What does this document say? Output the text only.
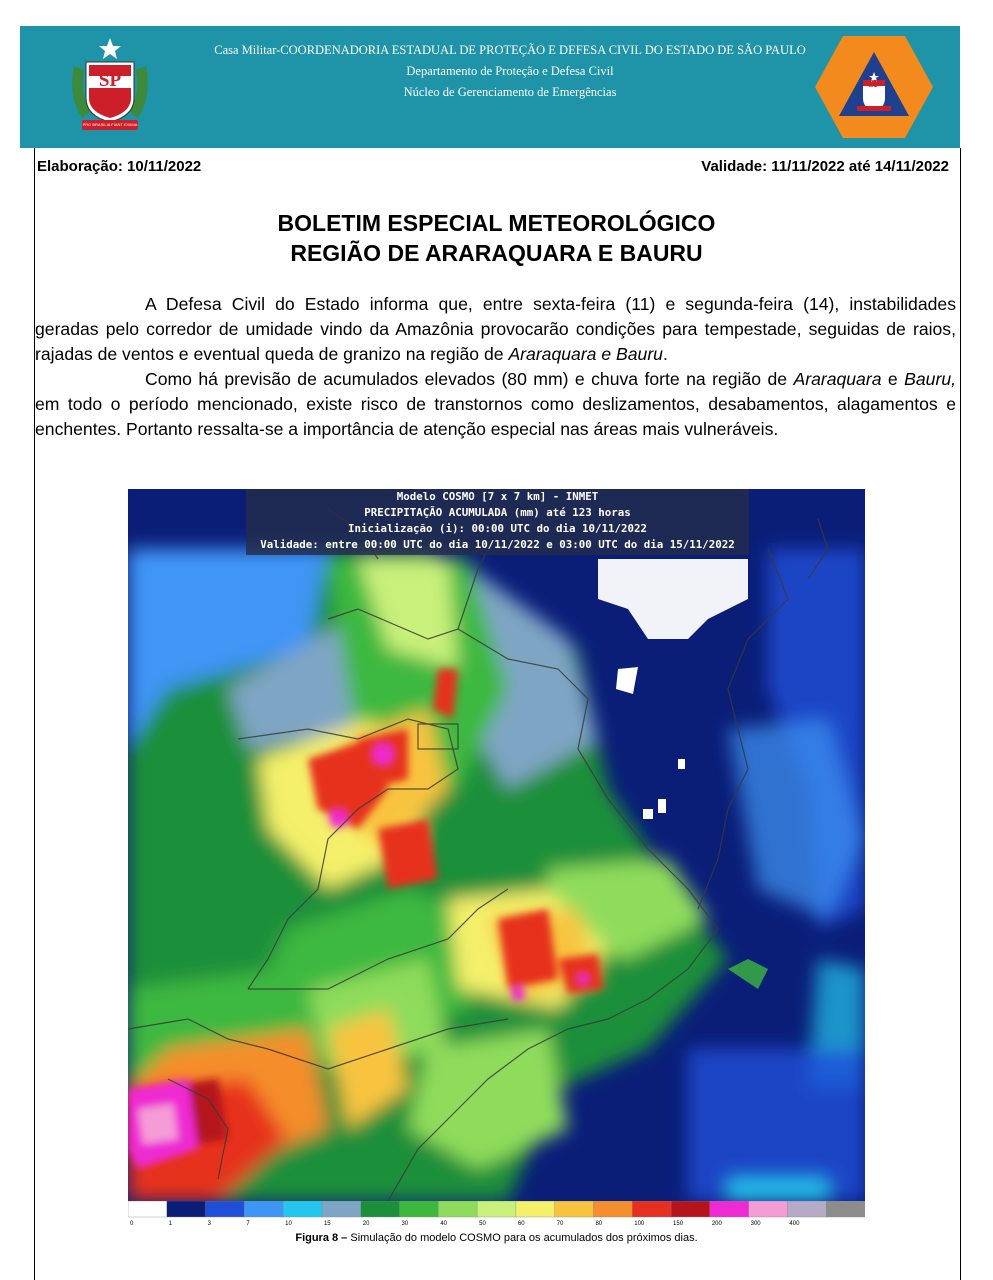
SP
PRO BRASILIA FIANT EXIMIA
Casa Militar-COORDENADORIA ESTADUAL DE PROTEÇÃO E DEFESA CIVIL DO ESTADO DE SÃO PAULO
Departamento de Proteção e Defesa Civil
Núcleo de Gerenciamento de Emergências
SP
Elaboração: 10/11/2022	Validade: 11/11/2022 até 14/11/2022
BOLETIM ESPECIAL METEOROLÓGICO
REGIÃO DE ARARAQUARA E BAURU

A Defesa Civil do Estado informa que, entre sexta-feira (11) e segunda-feira (14), instabilidades geradas pelo corredor de umidade vindo da Amazônia provocarão condições para tempestade, seguidas de raios, rajadas de ventos e eventual queda de granizo na região de Araraquara e Bauru.

Como há previsão de acumulados elevados (80 mm) e chuva forte na região de Araraquara e Bauru, em todo o período mencionado, existe risco de transtornos como deslizamentos, desabamentos, alagamentos e enchentes. Portanto ressalta-se a importância de atenção especial nas áreas mais vulneráveis.

Modelo COSMO [7 x 7 km] - INMET
PRECIPITAÇÃO ACUMULADA (mm) até 123 horas
Inicialização (i): 00:00 UTC do dia 10/11/2022
Validade: entre 00:00 UTC do dia 10/11/2022 e 03:00 UTC do dia 15/11/2022
0	1	3	7	10	15	20	30	40	50	60	70	80	100	150	200	300	400
Figura 8 – Simulação do modelo COSMO para os acumulados dos próximos dias.
